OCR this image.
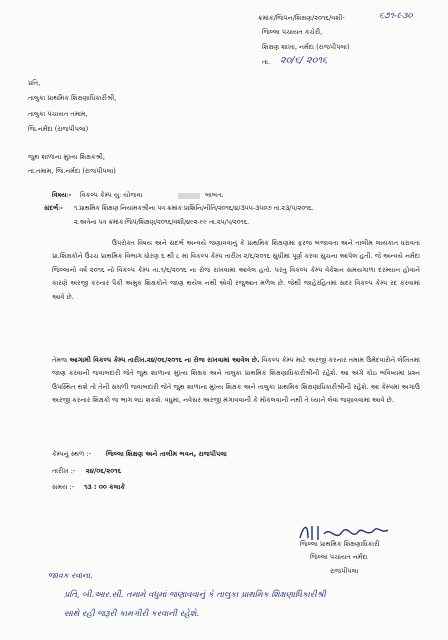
ક્રમાંક/જિપંન/શિક્ષણ/૨૦૧૬/વશી-	૬૭૧-૯૩૦
જિલ્લા પંચાયત કચેરી,
શિક્ષણ શાખા, નર્મદા (રાજપીપલા)
તા. ૨૦/૬/ ૨૦૧૬
પ્રતિ,
તાલુકા પ્રાથમિક શિક્ષણાધિકારીશ્રી,
તાલુકા પંચાયત તમામ,
જિ.નર્મદા (રાજપીપલા)
જુથ શાળાના મુખ્ય શિક્ષકશ્રી,
તા.તમામ, જિ.નર્મદા (રાજપીપલા)
વિષયઃ- વિકલ્પ કેમ્પ યુઃ યોજવા	બાબત.
સંદર્ભઃ- ૧.પ્રાથમિક શિક્ષણ નિયામકશ્રીના પત્ર ક્રમાંકઃપ્રાશિનિ/નીતિ/૨૦૧૬/૪/૩૫૫-૩૫૦૭ તા.૨૩/૫/૨૦૧૬.
૨.અત્રેના પત્ર ક્રમાંકઃજિપં/શિક્ષણ/૨૦૧૬/વશી/૪૯૨-૯૯ તા.૨૫/૫/૨૦૧૬.
ઉપરોક્ત વિષય અને સંદર્ભ અન્વયે જણાવવાનું કે પ્રાથમિક શિક્ષણમાં ફરજ બજાવતા અને તાલીમ લાયકાત ધરાવતા પ્રા.શિક્ષકોને ઉચ્ચ પ્રાથમિક વિભાગ ધોરણ ૬ થી ૮ માં વિકલ્પ કેમ્પ તારીખ ૨/૬/૨૦૧૬ સુધીમાં પૂર્ણ કરવા સુચના આપેલ હતી. જે અન્વયે નર્મદા જિલ્લાનો વર્ષ ૨૦૧૬ નો વિકલ્પ કેમ્પ તા.૧/૬/૨૦૧૬ ના રોજ રાખવામાં આવેલ હતો. પરંતુ વિકલ્પ કેમ્પ વેકેશન સમયગાળા દરમ્યાન હોવાને કારણે અરજી કરનાર પૈકી અમુક શિક્ષકોને જાણ થયેલ નથી એવી રજુઆત મળેલ છે. જેથી જાહેરહિતમાં સદર વિકલ્પ કેમ્પ રદ કરવામાં આવે છે.
તેમજ આગામી વિકલ્પ કેમ્પ તારીખ.૨૪/૦૬/૨૦૧૬ ના રોજ રાખવામાં આવેલ છે. વિકલ્પ કેમ્પ માટે અરજી કરનાર તમામ ઉમેદવારોને લેખિતમાં જાણ કરવાની જવાબદારી જેતે જુથ શાળાના મુખ્ય શિક્ષક અને તાલુકા પ્રાથમિક શિક્ષણાધિકારીશ્રીની રહેશે. આ અંગે કોઇ ભવિષ્યમાં પ્રશ્ન ઉપસ્થિત થશે તો તેની સઘળી જવાબદારી જેતે જુથ શાળાના મુખ્ય શિક્ષક અને તાલુકા પ્રાથમિક શિક્ષણાધિકારીશ્રીની રહેશે. આ કેમ્પમાં અગાઉ અરજી કરનાર શિક્ષકો જ ભાગ લઇ શકશે. વધુમાં, નવેસર અરજી મંગાવવાની કે મોકલવાની નથી તે ધ્યાને લેવા જણાવવામાં આવે છે.
કેમ્પનું સ્થળ :- જિલ્લા શિક્ષણ અને તાલીમ ભવન, રાજપીપલા
તારીખ :- ૨૪/૦૬/૨૦૧૬
સમય :- ૧૩ : ૦૦ કલાકે
જિલ્લા પ્રાથમિક શિક્ષણાધિકારી
જિલ્લા પંચાયત નર્મદા
રાજપીપલા
જાવક રવાના.
પ્રતિ, બી.આર.સી. તમામે વધુમાં જણાવવાનું કે તાલુકા પ્રાથમિક શિક્ષણાધિકારીશ્રી
સાથે રહી જરૂરી કામગીરી કરવાની રહેશે.
